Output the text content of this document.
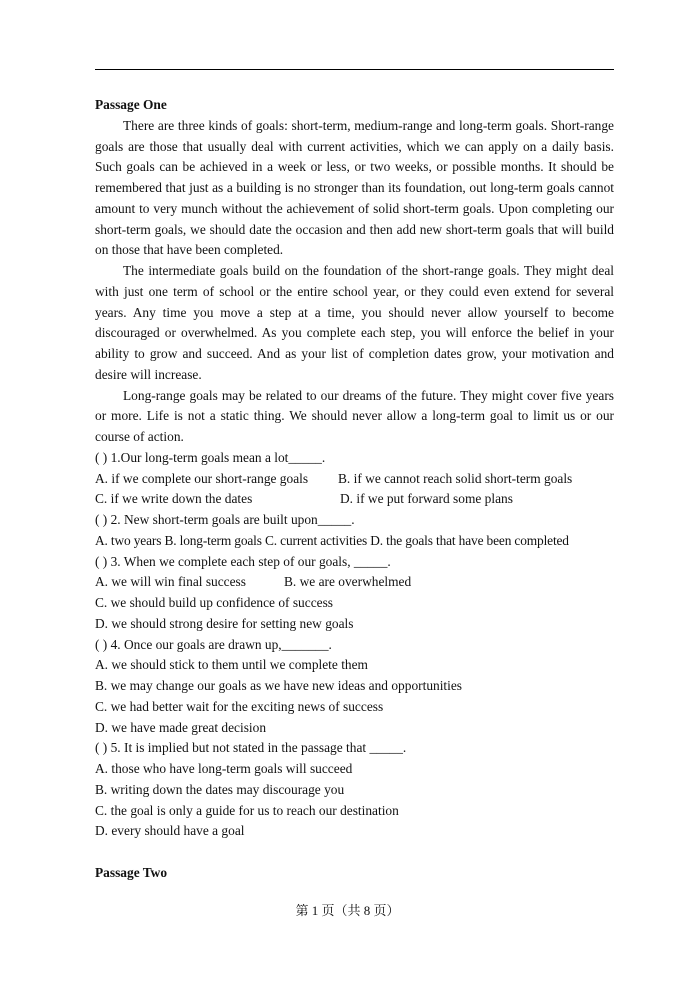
Passage One
There are three kinds of goals: short-term, medium-range and long-term goals. Short-range goals are those that usually deal with current activities, which we can apply on a daily basis. Such goals can be achieved in a week or less, or two weeks, or possible months. It should be remembered that just as a building is no stronger than its foundation, out long-term goals cannot amount to very munch without the achievement of solid short-term goals. Upon completing our short-term goals, we should date the occasion and then add new short-term goals that will build on those that have been completed.
The intermediate goals build on the foundation of the short-range goals. They might deal with just one term of school or the entire school year, or they could even extend for several years. Any time you move a step at a time, you should never allow yourself to become discouraged or overwhelmed. As you complete each step, you will enforce the belief in your ability to grow and succeed. And as your list of completion dates grow, your motivation and desire will increase.
Long-range goals may be related to our dreams of the future. They might cover five years or more. Life is not a static thing. We should never allow a long-term goal to limit us or our course of action.
( ) 1.Our long-term goals mean a lot_____.
A. if we complete our short-range goals	B. if we cannot reach solid short-term goals
C. if we write down the dates	D. if we put forward some plans
( ) 2. New short-term goals are built upon_____.
A. two years B. long-term goals C. current activities D. the goals that have been completed
( ) 3. When we complete each step of our goals, _____.
A. we will win final success	B. we are overwhelmed
C. we should build up confidence of success
D. we should strong desire for setting new goals
( ) 4. Once our goals are drawn up,_______.
A. we should stick to them until we complete them
B. we may change our goals as we have new ideas and opportunities
C. we had better wait for the exciting news of success
D. we have made great decision
( ) 5. It is implied but not stated in the passage that _____.
A. those who have long-term goals will succeed
B. writing down the dates may discourage you
C. the goal is only a guide for us to reach our destination
D. every should have a goal
Passage Two
第 1 页（共 8 页）
